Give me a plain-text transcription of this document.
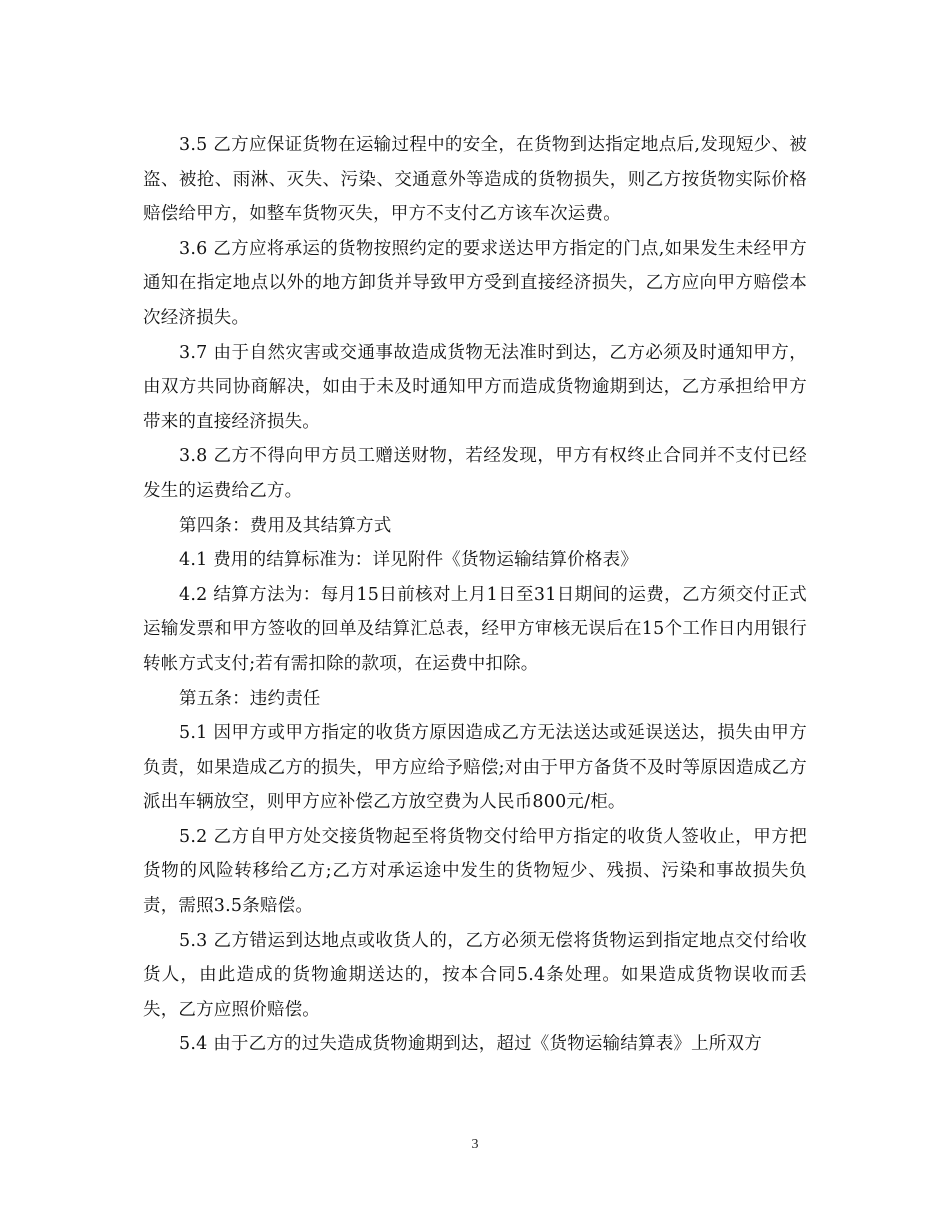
3.5 乙方应保证货物在运输过程中的安全，在货物到达指定地点后,发现短少、被盗、被抢、雨淋、灭失、污染、交通意外等造成的货物损失，则乙方按货物实际价格赔偿给甲方，如整车货物灭失，甲方不支付乙方该车次运费。

3.6 乙方应将承运的货物按照约定的要求送达甲方指定的门点,如果发生未经甲方通知在指定地点以外的地方卸货并导致甲方受到直接经济损失，乙方应向甲方赔偿本次经济损失。

3.7 由于自然灾害或交通事故造成货物无法准时到达，乙方必须及时通知甲方，由双方共同协商解决，如由于未及时通知甲方而造成货物逾期到达，乙方承担给甲方带来的直接经济损失。

3.8 乙方不得向甲方员工赠送财物，若经发现，甲方有权终止合同并不支付已经发生的运费给乙方。

第四条：费用及其结算方式

4.1 费用的结算标准为：详见附件《货物运输结算价格表》

4.2 结算方法为：每月15日前核对上月1日至31日期间的运费，乙方须交付正式运输发票和甲方签收的回单及结算汇总表，经甲方审核无误后在15个工作日内用银行转帐方式支付;若有需扣除的款项，在运费中扣除。

第五条：违约责任

5.1 因甲方或甲方指定的收货方原因造成乙方无法送达或延误送达，损失由甲方负责，如果造成乙方的损失，甲方应给予赔偿;对由于甲方备货不及时等原因造成乙方派出车辆放空，则甲方应补偿乙方放空费为人民币800元/柜。

5.2 乙方自甲方处交接货物起至将货物交付给甲方指定的收货人签收止，甲方把货物的风险转移给乙方;乙方对承运途中发生的货物短少、残损、污染和事故损失负责，需照3.5条赔偿。

5.3 乙方错运到达地点或收货人的，乙方必须无偿将货物运到指定地点交付给收货人，由此造成的货物逾期送达的，按本合同5.4条处理。如果造成货物误收而丢失，乙方应照价赔偿。

5.4 由于乙方的过失造成货物逾期到达，超过《货物运输结算表》上所双方

3
